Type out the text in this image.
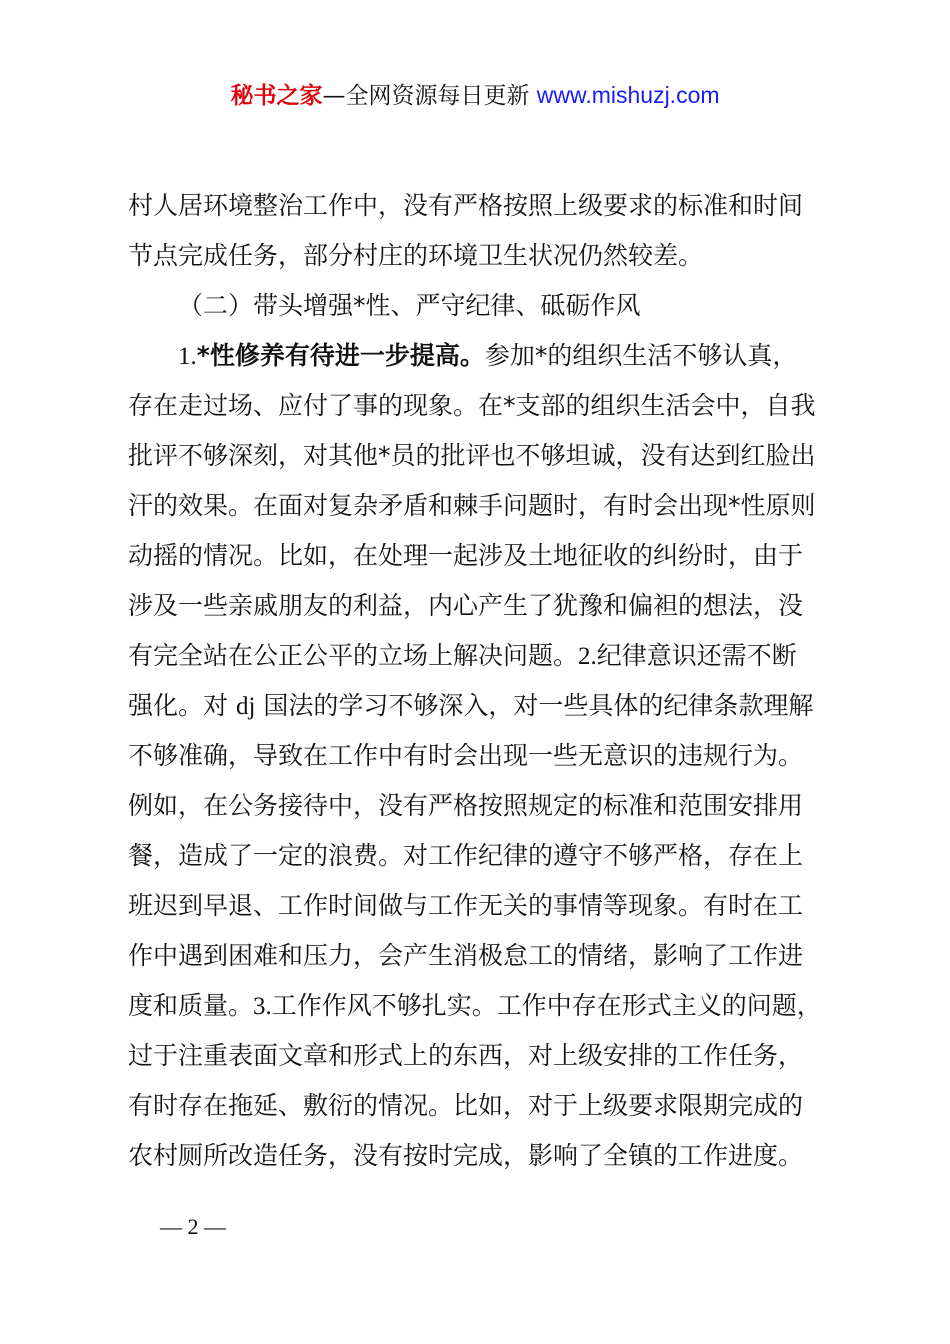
秘书之家—全网资源每日更新 www.mishuzj.com
村人居环境整治工作中，没有严格按照上级要求的标准和时间
节点完成任务，部分村庄的环境卫生状况仍然较差。
（二）带头增强*性、严守纪律、砥砺作风
1.*性修养有待进一步提高。参加*的组织生活不够认真，
存在走过场、应付了事的现象。在*支部的组织生活会中，自我
批评不够深刻，对其他*员的批评也不够坦诚，没有达到红脸出
汗的效果。在面对复杂矛盾和棘手问题时，有时会出现*性原则
动摇的情况。比如，在处理一起涉及土地征收的纠纷时，由于
涉及一些亲戚朋友的利益，内心产生了犹豫和偏袒的想法，没
有完全站在公正公平的立场上解决问题。2.纪律意识还需不断
强化。对 dj 国法的学习不够深入，对一些具体的纪律条款理解
不够准确，导致在工作中有时会出现一些无意识的违规行为。
例如，在公务接待中，没有严格按照规定的标准和范围安排用
餐，造成了一定的浪费。对工作纪律的遵守不够严格，存在上
班迟到早退、工作时间做与工作无关的事情等现象。有时在工
作中遇到困难和压力，会产生消极怠工的情绪，影响了工作进
度和质量。3.工作作风不够扎实。工作中存在形式主义的问题，
过于注重表面文章和形式上的东西，对上级安排的工作任务，
有时存在拖延、敷衍的情况。比如，对于上级要求限期完成的
农村厕所改造任务，没有按时完成，影响了全镇的工作进度。
— 2 —
